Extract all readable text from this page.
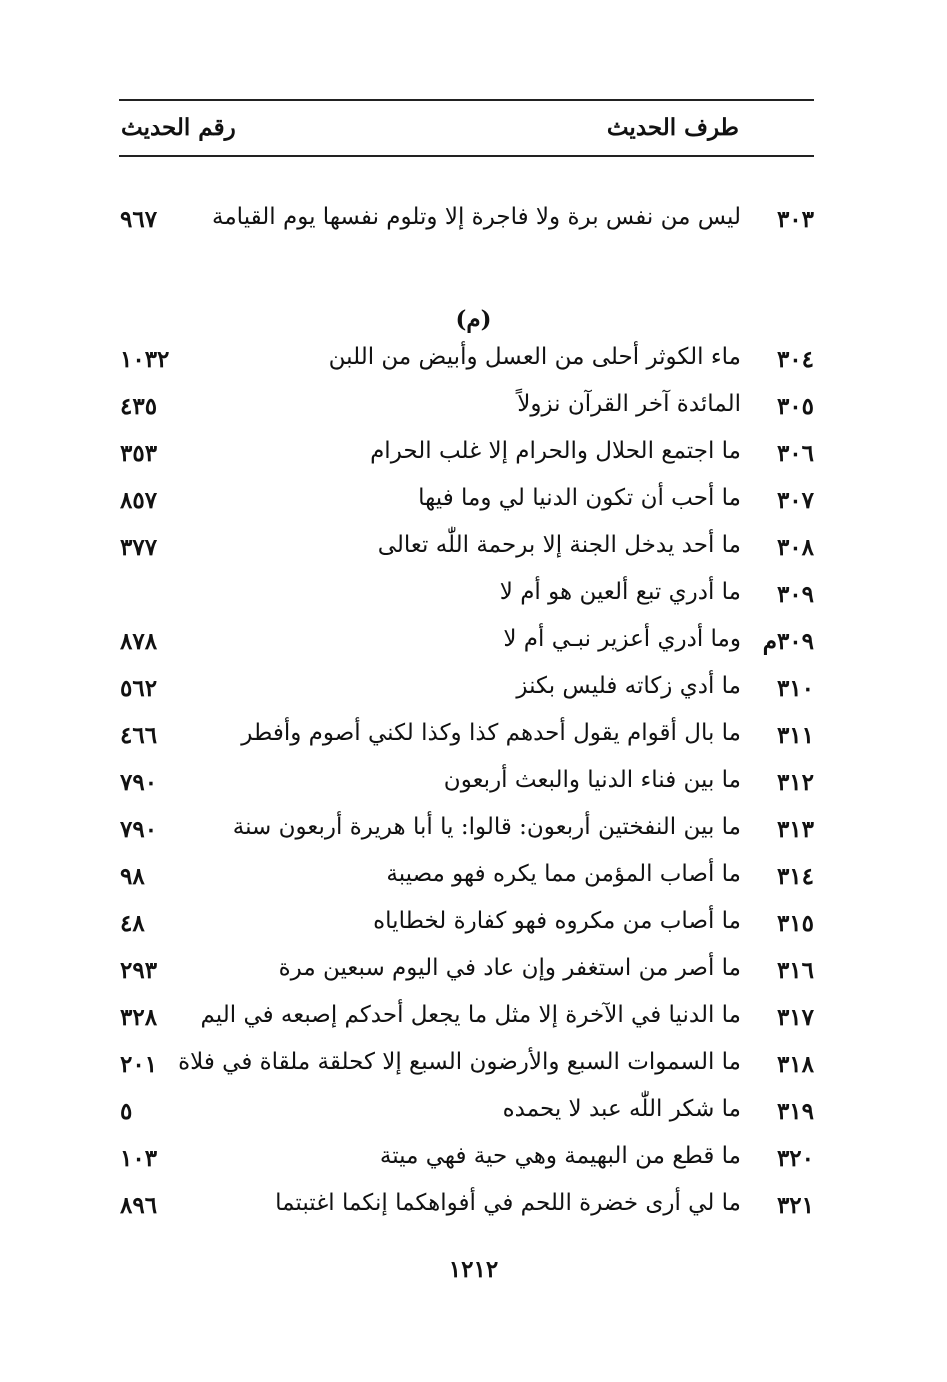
طرف الحديث
رقم الحديث
٣٠٣
ليس من نفس برة ولا فاجرة إلا وتلوم نفسها يوم القيامة
٩٦٧
(م)
٣٠٤
ماء الكوثر أحلى من العسل وأبيض من اللبن
١٠٣٢
٣٠٥
المائدة آخر القرآن نزولاً
٤٣٥
٣٠٦
ما اجتمع الحلال والحرام إلا غلب الحرام
٣٥٣
٣٠٧
ما أحب أن تكون الدنيا لي وما فيها
٨٥٧
٣٠٨
ما أحد يدخل الجنة إلا برحمة اللّٰه تعالى
٣٧٧
٣٠٩
ما أدري تبع ألعين هو أم لا
٣٠٩م
وما أدري أعزير نبـي أم لا
٨٧٨
٣١٠
ما أدي زكاته فليس بكنز
٥٦٢
٣١١
ما بال أقوام يقول أحدهم كذا وكذا لكني أصوم وأفطر
٤٦٦
٣١٢
ما بين فناء الدنيا والبعث أربعون
٧٩٠
٣١٣
ما بين النفختين أربعون: قالوا: يا أبا هريرة أربعون سنة
٧٩٠
٣١٤
ما أصاب المؤمن مما يكره فهو مصيبة
٩٨
٣١٥
ما أصاب من مكروه فهو كفارة لخطاياه
٤٨
٣١٦
ما أصر من استغفر وإن عاد في اليوم سبعين مرة
٢٩٣
٣١٧
ما الدنيا في الآخرة إلا مثل ما يجعل أحدكم إصبعه في اليم
٣٢٨
٣١٨
ما السموات السبع والأرضون السبع إلا كحلقة ملقاة في فلاة
٢٠١
٣١٩
ما شكر اللّٰه عبد لا يحمده
٥
٣٢٠
ما قطع من البهيمة وهي حية فهي ميتة
١٠٣
٣٢١
ما لي أرى خضرة اللحم في أفواهكما إنكما اغتبتما
٨٩٦
١٢١٢
